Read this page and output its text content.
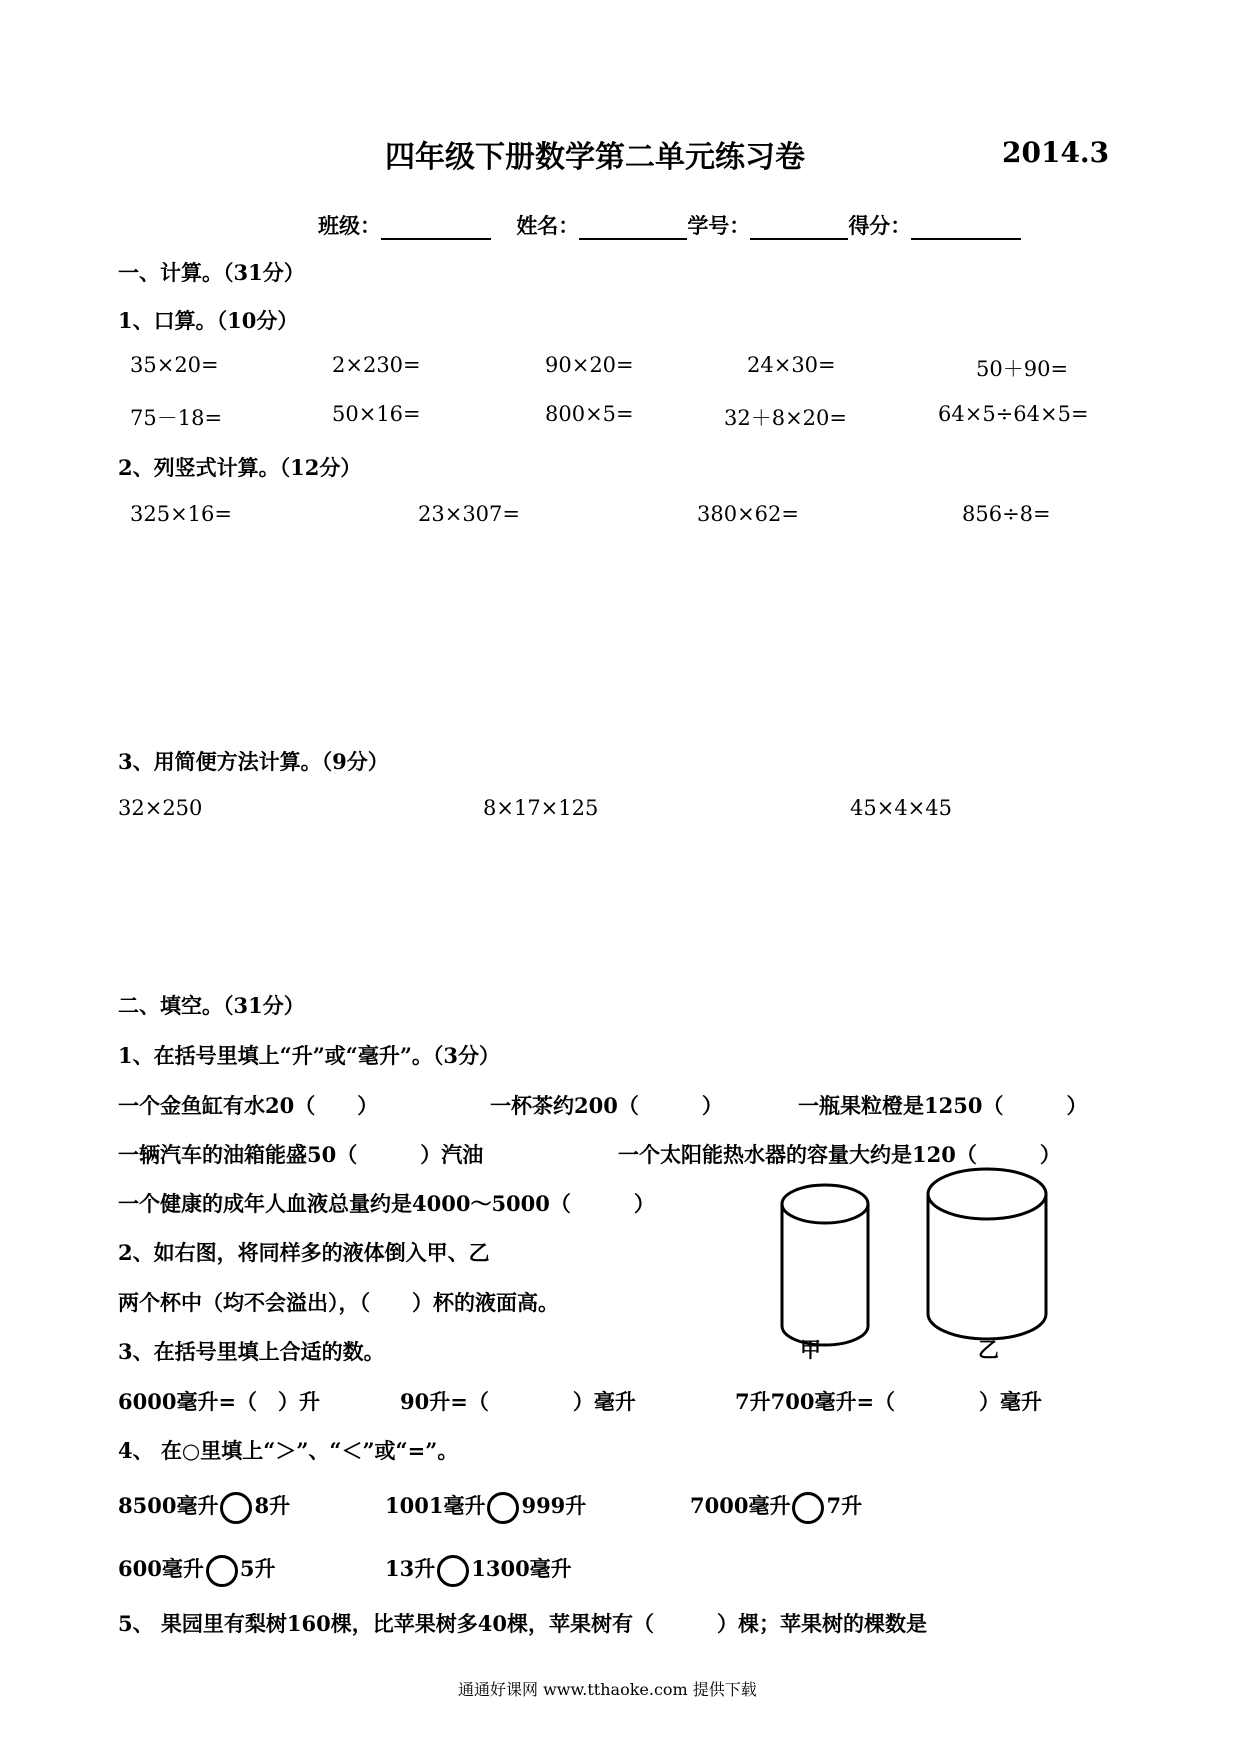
四年级下册数学第二单元练习卷	2014.3
班级：	姓名：	学号：	得分：
一、计算。（31分）
1、口算。（10分）
35×20=	2×230=	90×20=	24×30=	50＋90=
75－18=	50×16=	800×5=	32＋8×20=	64×5÷64×5=
2、列竖式计算。（12分）
325×16=	23×307=	380×62=	856÷8=
3、用简便方法计算。（9分）
32×250	8×17×125	45×4×45
二、填空。（31分）
1、在括号里填上“升”或“毫升”。（3分）
一个金鱼缸有水20（　　）	一杯茶约200（　　　）	一瓶果粒橙是1250（　　　）
一辆汽车的油箱能盛50（　　　）汽油	一个太阳能热水器的容量大约是120（　　　）
一个健康的成年人血液总量约是4000～5000（　　　）
2、如右图，将同样多的液体倒入甲、乙
两个杯中（均不会溢出），（　　）杯的液面高。
甲	乙
3、在括号里填上合适的数。
6000毫升=（　）升	90升=（　　　　）毫升	7升700毫升=（　　　　）毫升
4、 在○里填上“＞”、“＜”或“=”。
8500毫升 8升	1001毫升 999升	7000毫升 7升
600毫升 5升	13升 1300毫升
5、 果园里有梨树160棵，比苹果树多40棵，苹果树有（　　　）棵；苹果树的棵数是
通通好课网 www.tthaoke.com 提供下载
